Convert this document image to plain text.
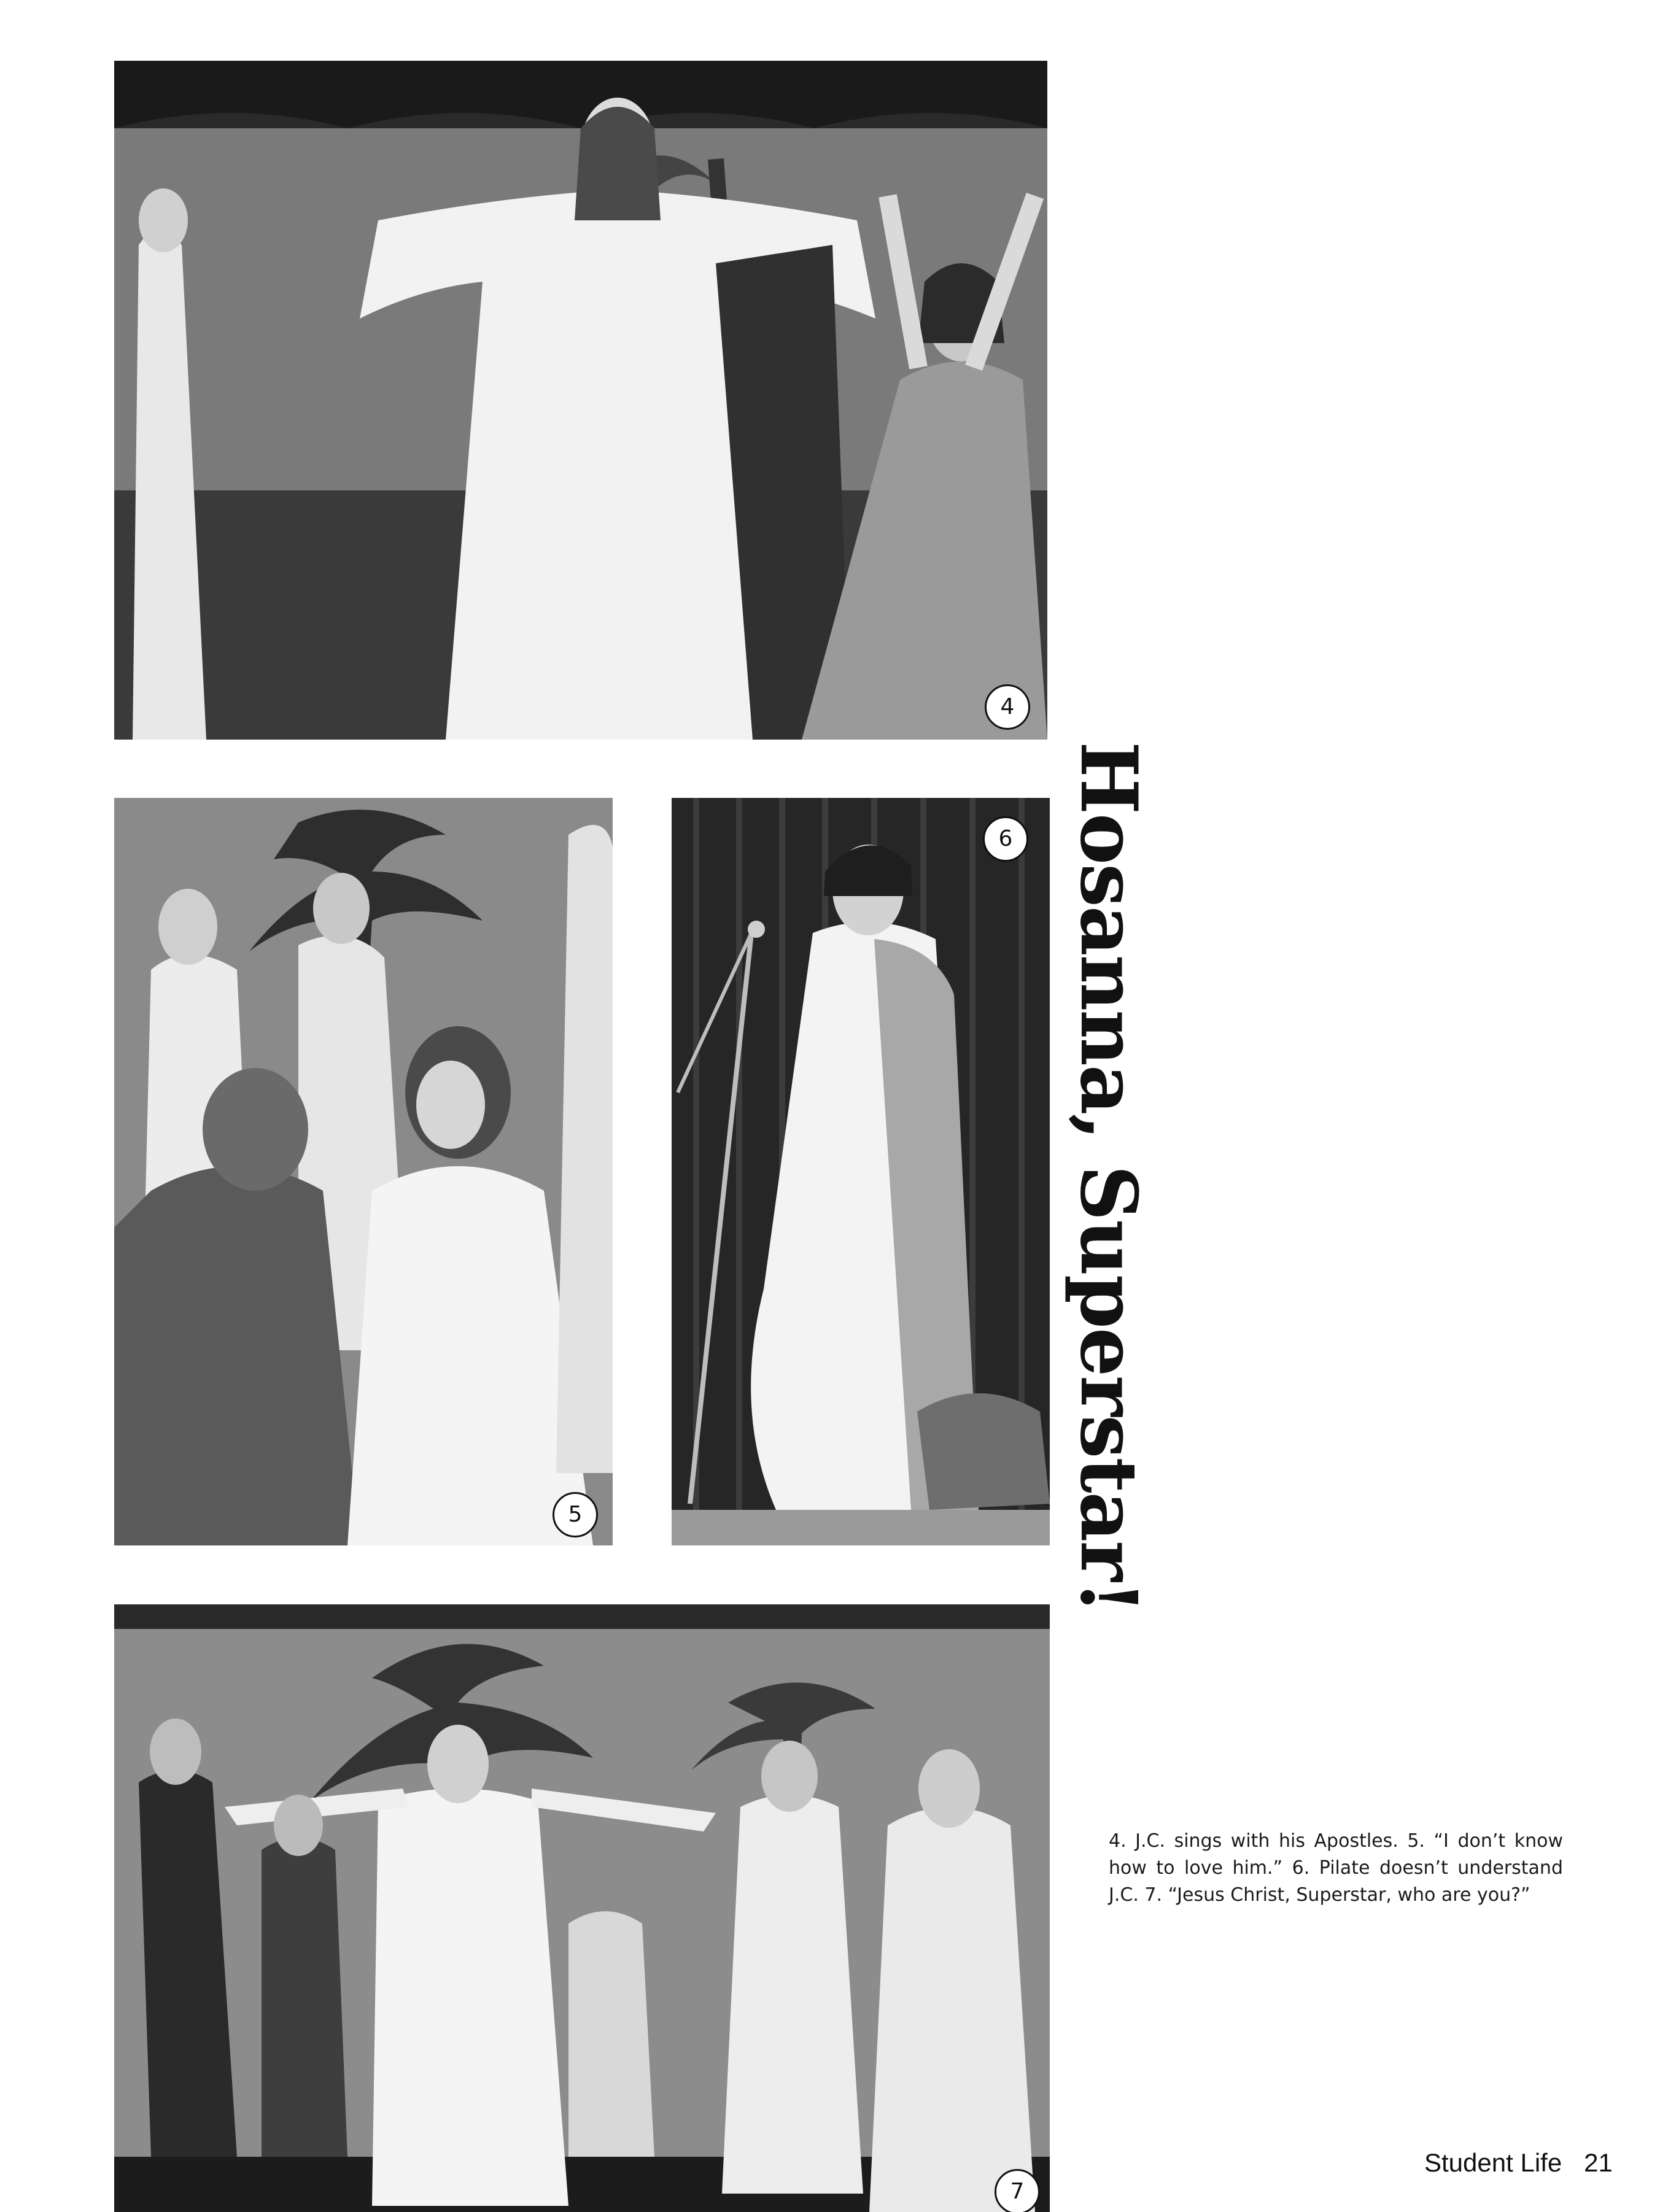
4
5
6
7
Hosanna, Superstar!
4. J.C. sings with his Apostles. 5. “I don’t know how to love him.” 6. Pilate doesn’t understand J.C. 7. “Jesus Christ, Superstar, who are you?”
Student Life 21
